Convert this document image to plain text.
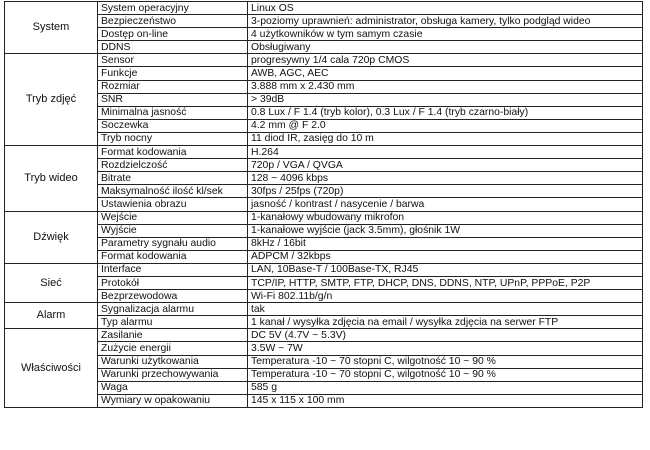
System	System operacyjny	Linux OS
	Bezpieczeństwo	3-poziomy uprawnień: administrator, obsługa kamery, tylko podgląd wideo
	Dostęp on-line	4 użytkowników w tym samym czasie
	DDNS	Obsługiwany
Tryb zdjęć	Sensor	progresywny 1/4 cala 720p CMOS
	Funkcje	AWB, AGC, AEC
	Rozmiar	3.888 mm x 2.430 mm
	SNR	> 39dB
	Minimalna jasność	0.8 Lux / F 1.4 (tryb kolor), 0.3 Lux / F 1.4 (tryb czarno-biały)
	Soczewka	4.2 mm @ F 2.0
	Tryb nocny	11 diod IR, zasięg do 10 m
Tryb wideo	Format kodowania	H.264
	Rozdzielczość	720p / VGA / QVGA
	Bitrate	128 ~ 4096 kbps
	Maksymalność ilość kl/sek	30fps / 25fps (720p)
	Ustawienia obrazu	jasność / kontrast / nasycenie / barwa
Dźwięk	Wejście	1-kanałowy wbudowany mikrofon
	Wyjście	1-kanałowe wyjście (jack 3.5mm), głośnik 1W
	Parametry sygnału audio	8kHz / 16bit
	Format kodowania	ADPCM / 32kbps
Sieć	Interface	LAN, 10Base-T / 100Base-TX, RJ45
	Protokół	TCP/IP, HTTP, SMTP, FTP, DHCP, DNS, DDNS, NTP, UPnP, PPPoE, P2P
	Bezprzewodowa	Wi-Fi 802.11b/g/n
Alarm	Sygnalizacja alarmu	tak
	Typ alarmu	1 kanał / wysyłka zdjęcia na email / wysyłka zdjęcia na serwer FTP
Właściwości	Zasilanie	DC 5V (4.7V ~ 5.3V)
	Zużycie energii	3.5W ~ 7W
	Warunki użytkowania	Temperatura -10 ~ 70 stopni C, wilgotność 10 ~ 90 %
	Warunki przechowywania	Temperatura -10 ~ 70 stopni C, wilgotność 10 ~ 90 %
	Waga	585 g
	Wymiary w opakowaniu	145 x 115 x 100 mm
